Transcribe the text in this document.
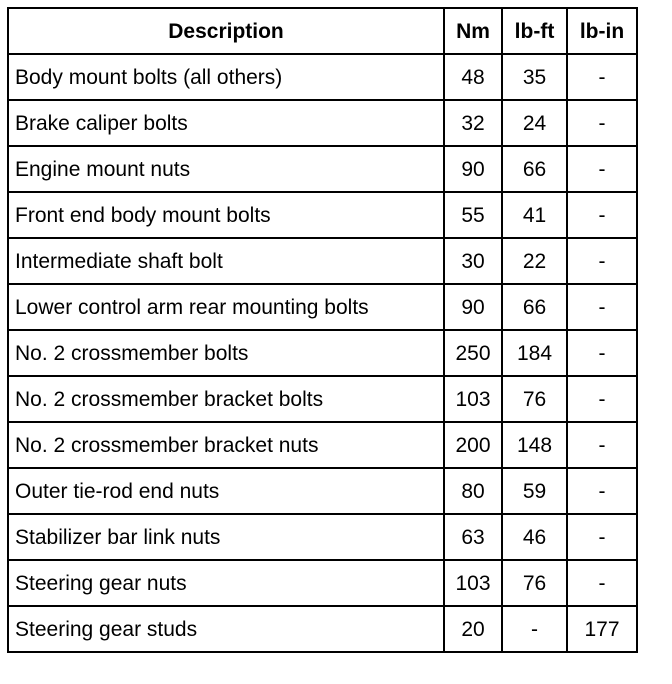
Description	Nm	lb-ft	lb-in
Body mount bolts (all others)	48	35	-
Brake caliper bolts	32	24	-
Engine mount nuts	90	66	-
Front end body mount bolts	55	41	-
Intermediate shaft bolt	30	22	-
Lower control arm rear mounting bolts	90	66	-
No. 2 crossmember bolts	250	184	-
No. 2 crossmember bracket bolts	103	76	-
No. 2 crossmember bracket nuts	200	148	-
Outer tie-rod end nuts	80	59	-
Stabilizer bar link nuts	63	46	-
Steering gear nuts	103	76	-
Steering gear studs	20	-	177
